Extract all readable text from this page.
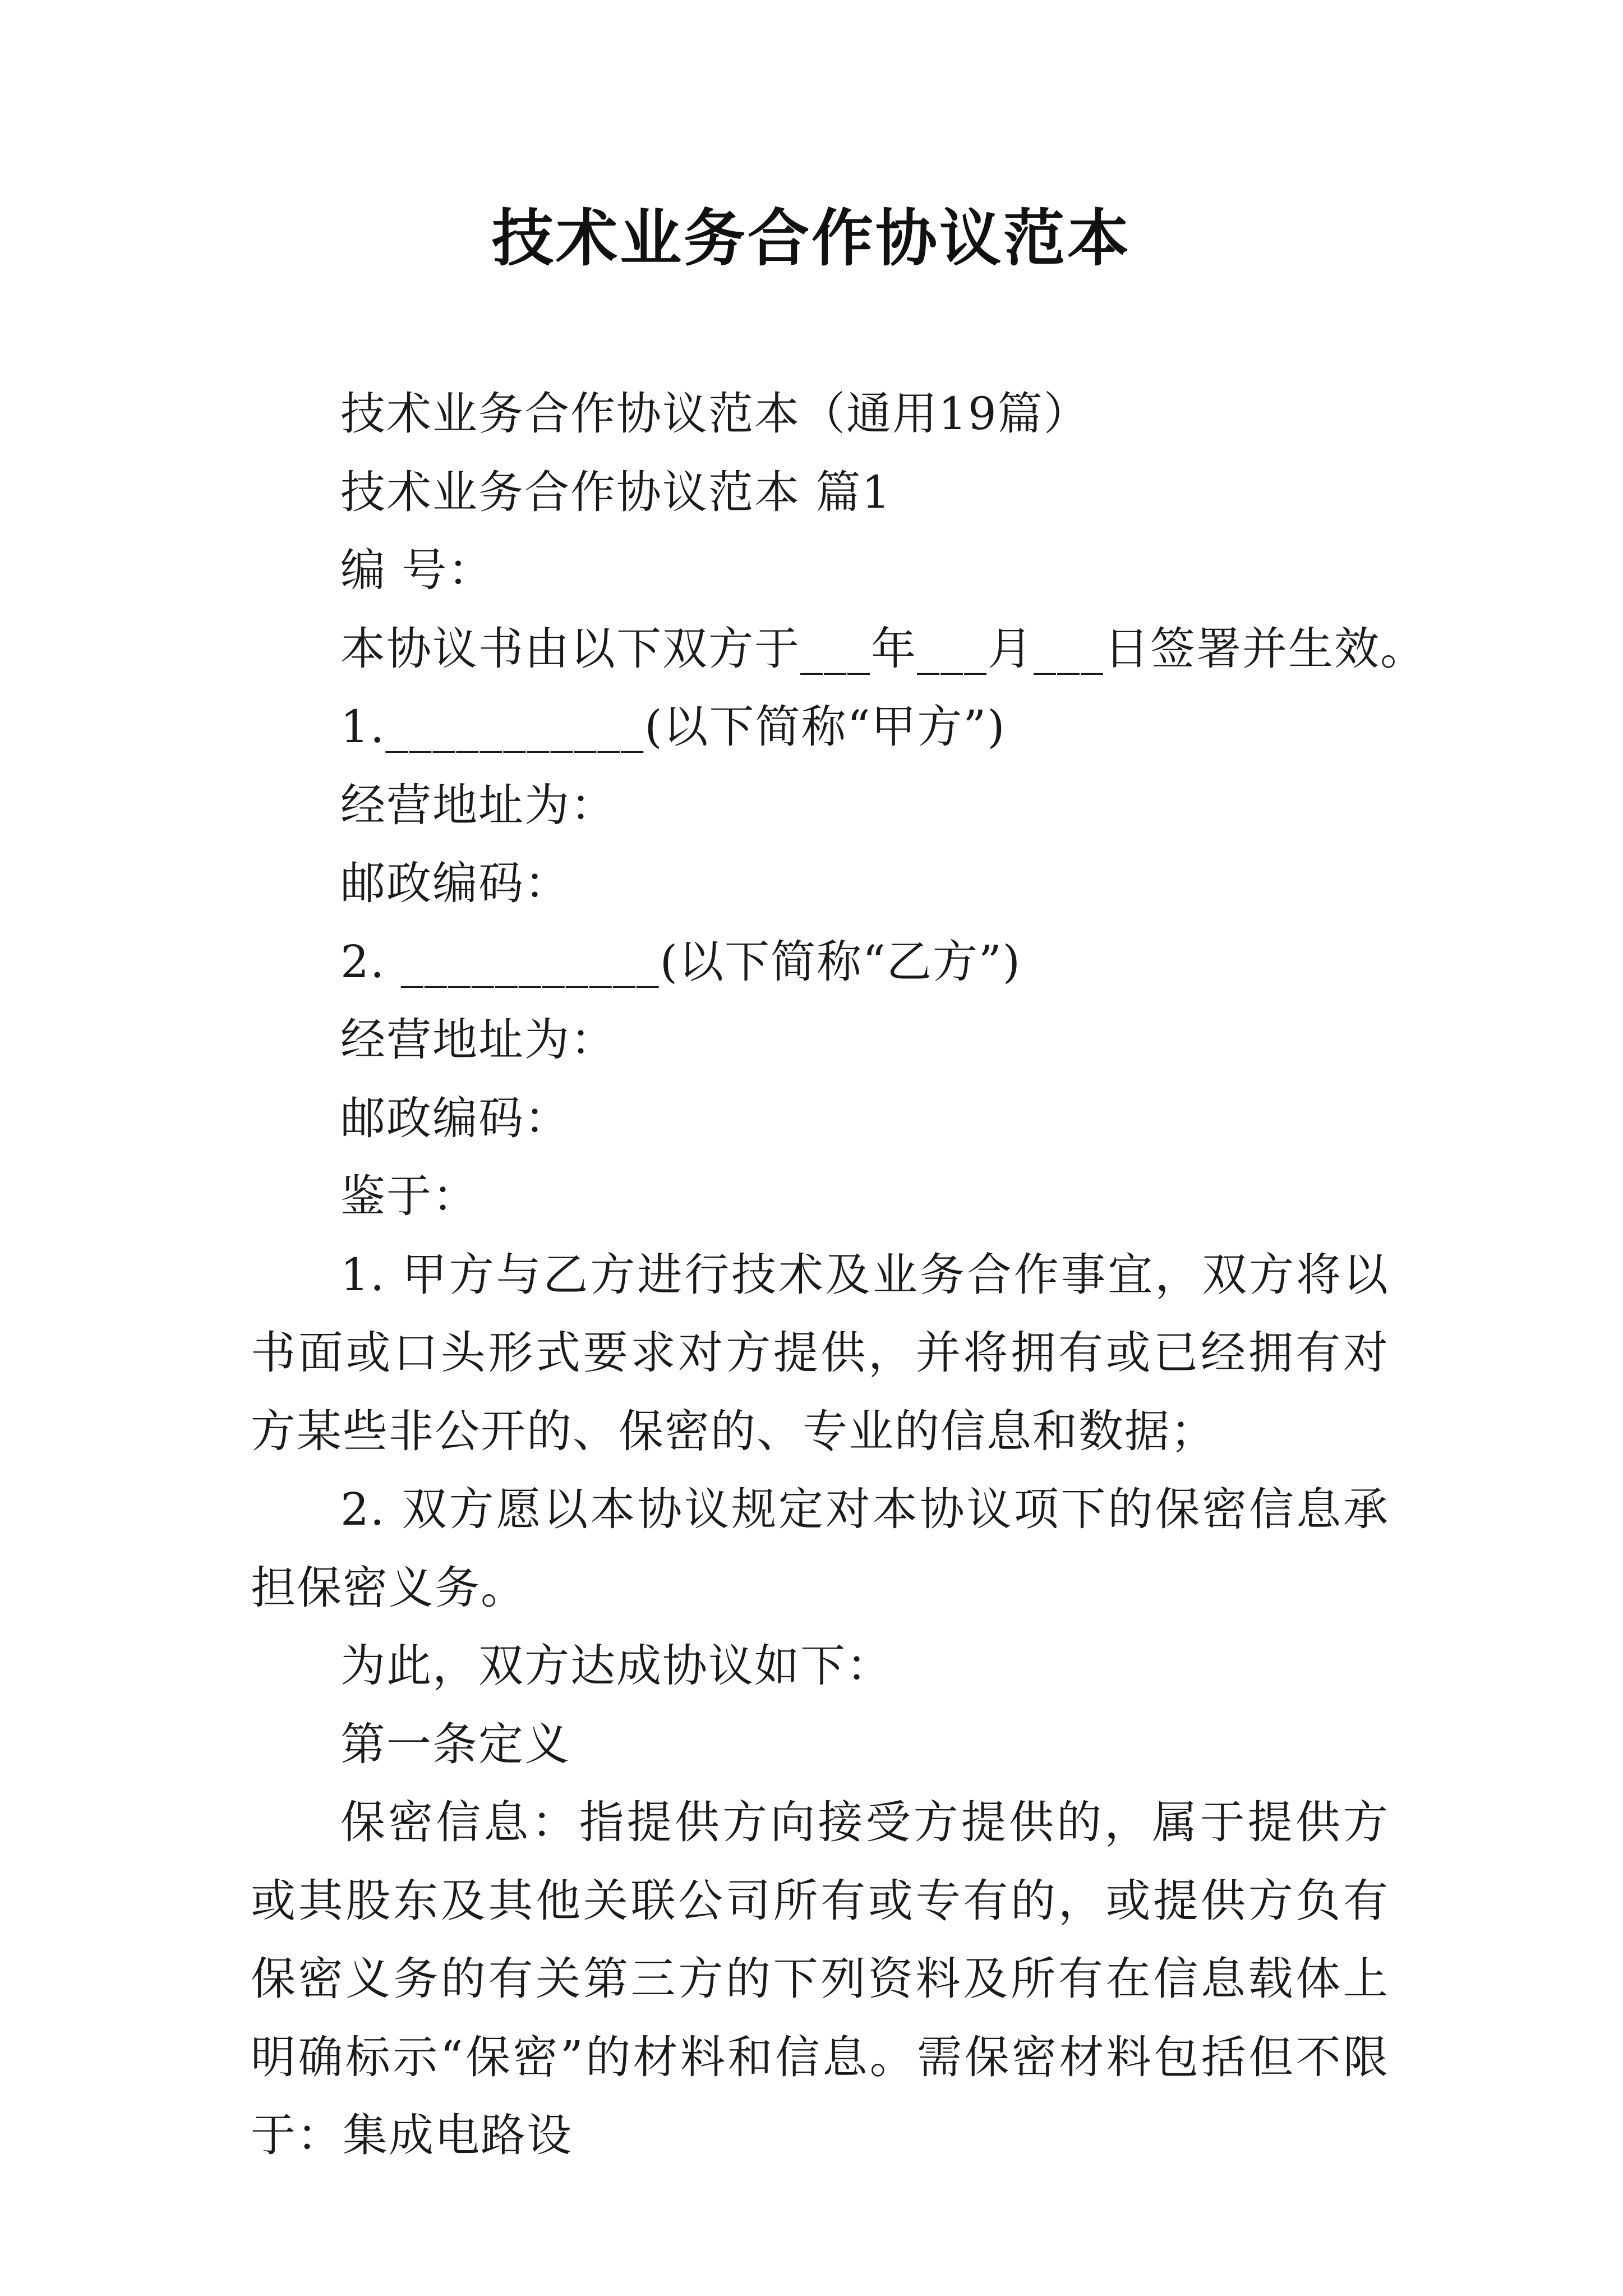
技术业务合作协议范本

技术业务合作协议范本（通用19篇）

技术业务合作协议范本 篇1

编 号：

本协议书由以下双方于___年___月___日签署并生效。

1.___________(以下简称“甲方”)

经营地址为：

邮政编码：

2. ___________(以下简称“乙方”)

经营地址为：

邮政编码：

鉴于：

1. 甲方与乙方进行技术及业务合作事宜，双方将以书面或口头形式要求对方提供，并将拥有或已经拥有对方某些非公开的、保密的、专业的信息和数据；

2. 双方愿以本协议规定对本协议项下的保密信息承担保密义务。

为此，双方达成协议如下：

第一条定义

保密信息：指提供方向接受方提供的，属于提供方或其股东及其他关联公司所有或专有的，或提供方负有保密义务的有关第三方的下列资料及所有在信息载体上明确标示“保密”的材料和信息。需保密材料包括但不限于：集成电路设
